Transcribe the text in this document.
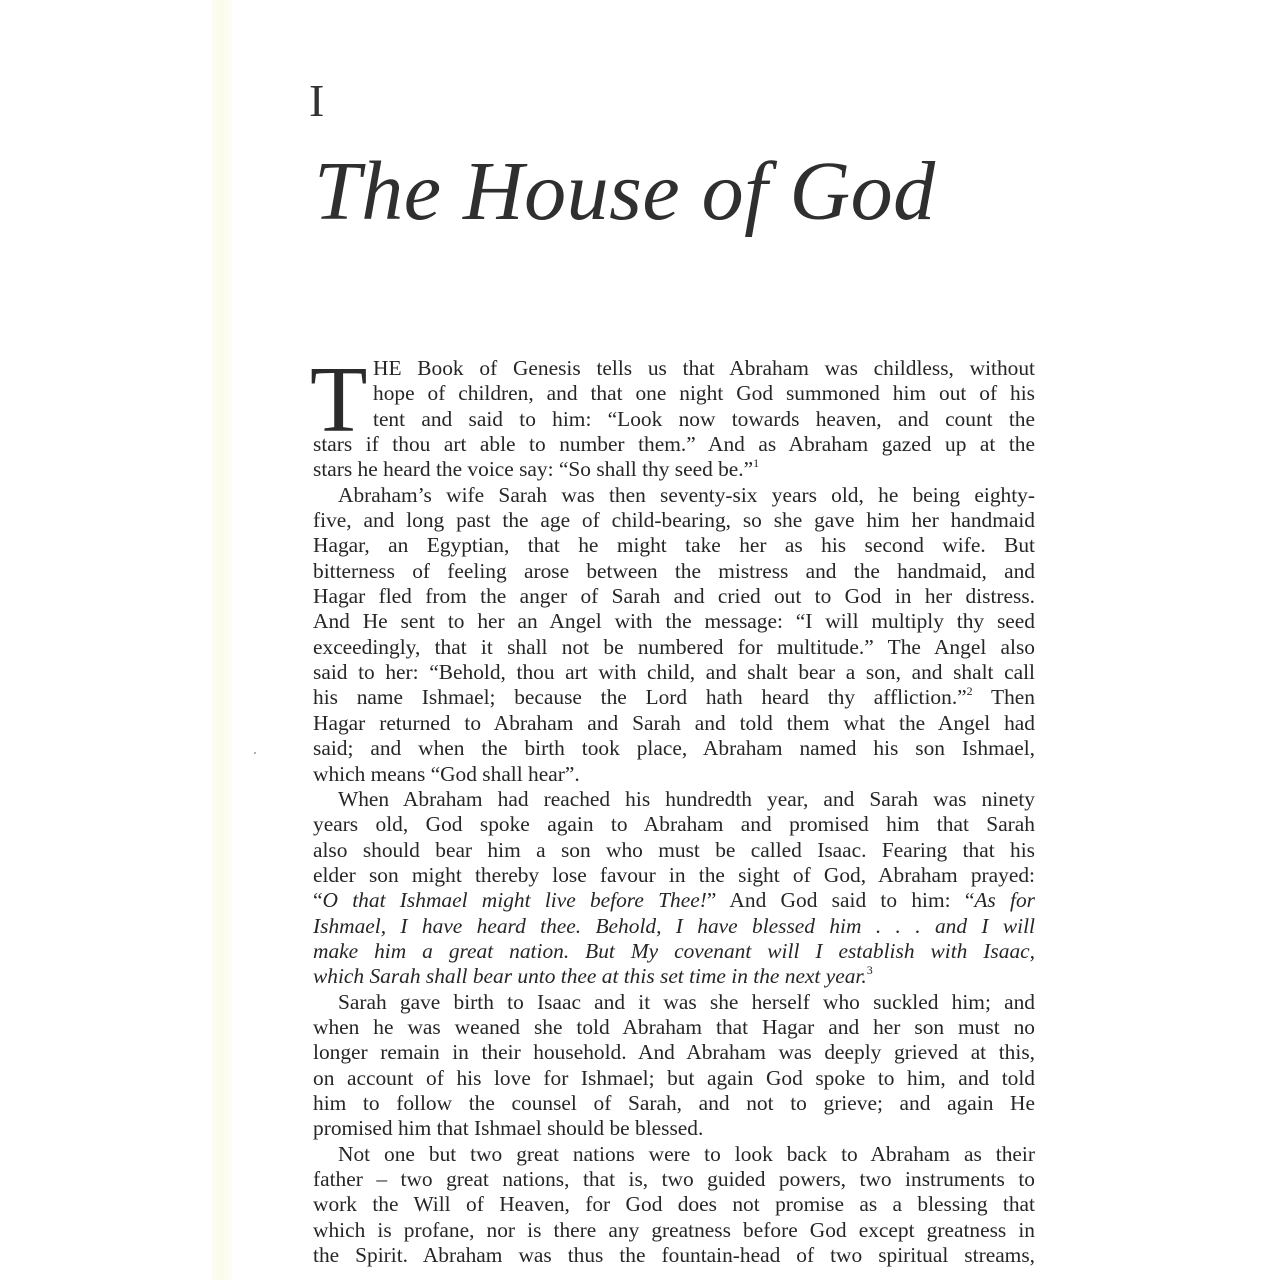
I
The House of God
T HE Book of Genesis tells us that Abraham was childless, without
hope of children, and that one night God summoned him out of his
tent and said to him: “Look now towards heaven, and count the
stars if thou art able to number them.” And as Abraham gazed up at the
stars he heard the voice say: “So shall thy seed be.”$^1$
Abraham’s wife Sarah was then seventy-six years old, he being eighty-
five, and long past the age of child-bearing, so she gave him her handmaid
Hagar, an Egyptian, that he might take her as his second wife. But
bitterness of feeling arose between the mistress and the handmaid, and
Hagar fled from the anger of Sarah and cried out to God in her distress.
And He sent to her an Angel with the message: “I will multiply thy seed
exceedingly, that it shall not be numbered for multitude.” The Angel also
said to her: “Behold, thou art with child, and shalt bear a son, and shalt call
his name Ishmael; because the Lord hath heard thy affliction.”$^2$ Then
Hagar returned to Abraham and Sarah and told them what the Angel had
said; and when the birth took place, Abraham named his son Ishmael,
which means “God shall hear”.
When Abraham had reached his hundredth year, and Sarah was ninety
years old, God spoke again to Abraham and promised him that Sarah
also should bear him a son who must be called Isaac. Fearing that his
elder son might thereby lose favour in the sight of God, Abraham prayed:
“O that Ishmael might live before Thee!” And God said to him: “As for
Ishmael, I have heard thee. Behold, I have blessed him . . . and I will
make him a great nation. But My covenant will I establish with Isaac,
which Sarah shall bear unto thee at this set time in the next year.$^3$
Sarah gave birth to Isaac and it was she herself who suckled him; and
when he was weaned she told Abraham that Hagar and her son must no
longer remain in their household. And Abraham was deeply grieved at this,
on account of his love for Ishmael; but again God spoke to him, and told
him to follow the counsel of Sarah, and not to grieve; and again He
promised him that Ishmael should be blessed.
Not one but two great nations were to look back to Abraham as their
father – two great nations, that is, two guided powers, two instruments to
work the Will of Heaven, for God does not promise as a blessing that
which is profane, nor is there any greatness before God except greatness in
the Spirit. Abraham was thus the fountain-head of two spiritual streams,
